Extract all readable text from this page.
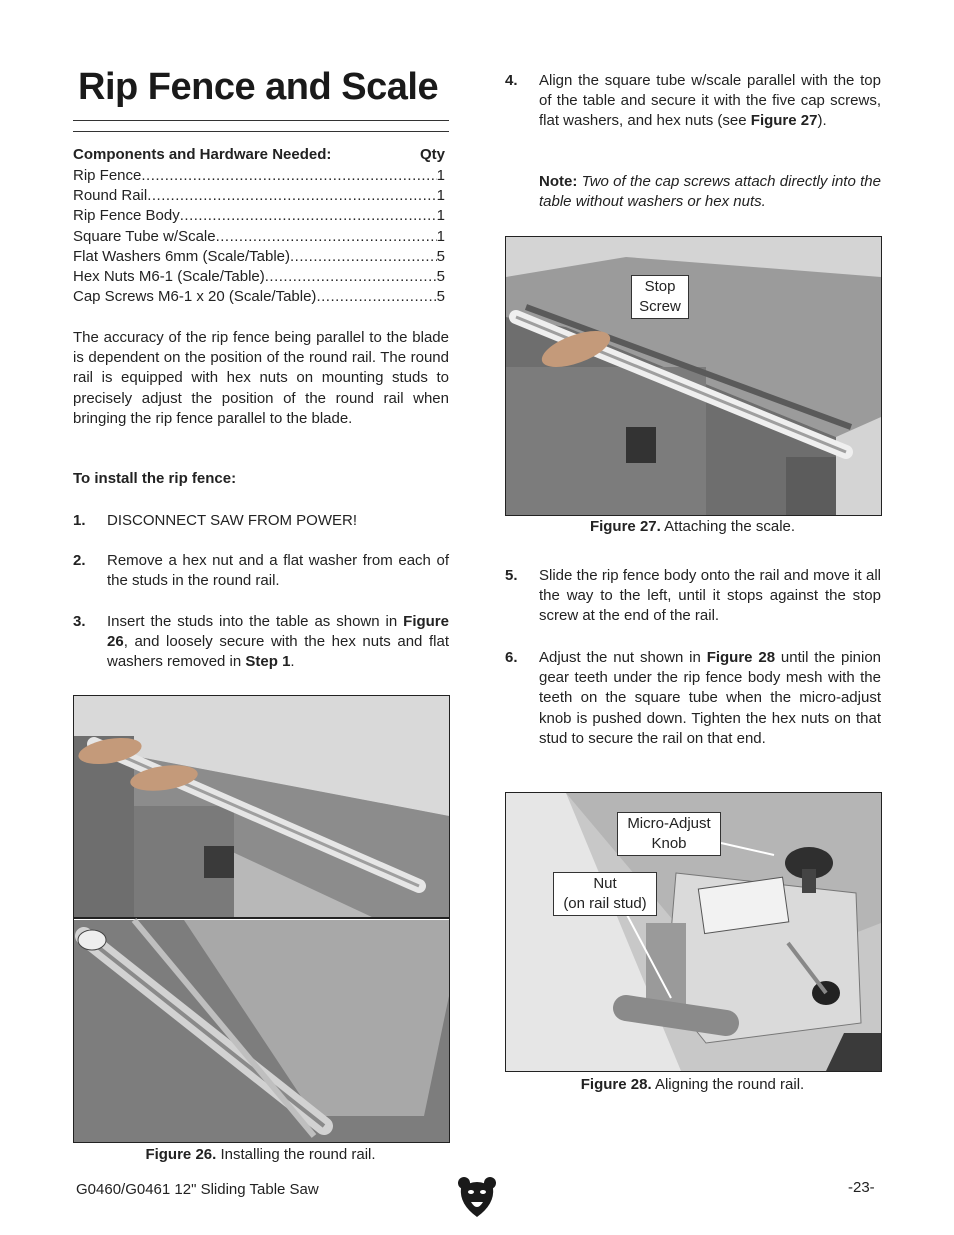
Rip Fence and Scale
Components and Hardware Needed:	Qty
Rip Fence .....	1
Round Rail .....	1
Rip Fence Body .....	1
Square Tube w/Scale .....	1
Flat Washers 6mm (Scale/Table) .....	5
Hex Nuts M6-1 (Scale/Table) .....	5
Cap Screws M6-1 x 20 (Scale/Table) .....	5
The accuracy of the rip fence being parallel to the blade is dependent on the position of the round rail. The round rail is equipped with hex nuts on mounting studs to precisely adjust the position of the round rail when bringing the rip fence parallel to the blade.
To install the rip fence:
1. DISCONNECT SAW FROM POWER!
2. Remove a hex nut and a flat washer from each of the studs in the round rail.
3. Insert the studs into the table as shown in Figure 26, and loosely secure with the hex nuts and flat washers removed in Step 1.
Figure 26. Installing the round rail.
4. Align the square tube w/scale parallel with the top of the table and secure it with the five cap screws, flat washers, and hex nuts (see Figure 27).
Note: Two of the cap screws attach directly into the table without washers or hex nuts.
Stop
Screw
Figure 27. Attaching the scale.
5. Slide the rip fence body onto the rail and move it all the way to the left, until it stops against the stop screw at the end of the rail.
6. Adjust the nut shown in Figure 28 until the pinion gear teeth under the rip fence body mesh with the teeth on the square tube when the micro-adjust knob is pushed down. Tighten the hex nuts on that stud to secure the rail on that end.
Micro-Adjust
Knob
Nut
(on rail stud)
Figure 28. Aligning the round rail.
G0460/G0461 12" Sliding Table Saw	-23-
